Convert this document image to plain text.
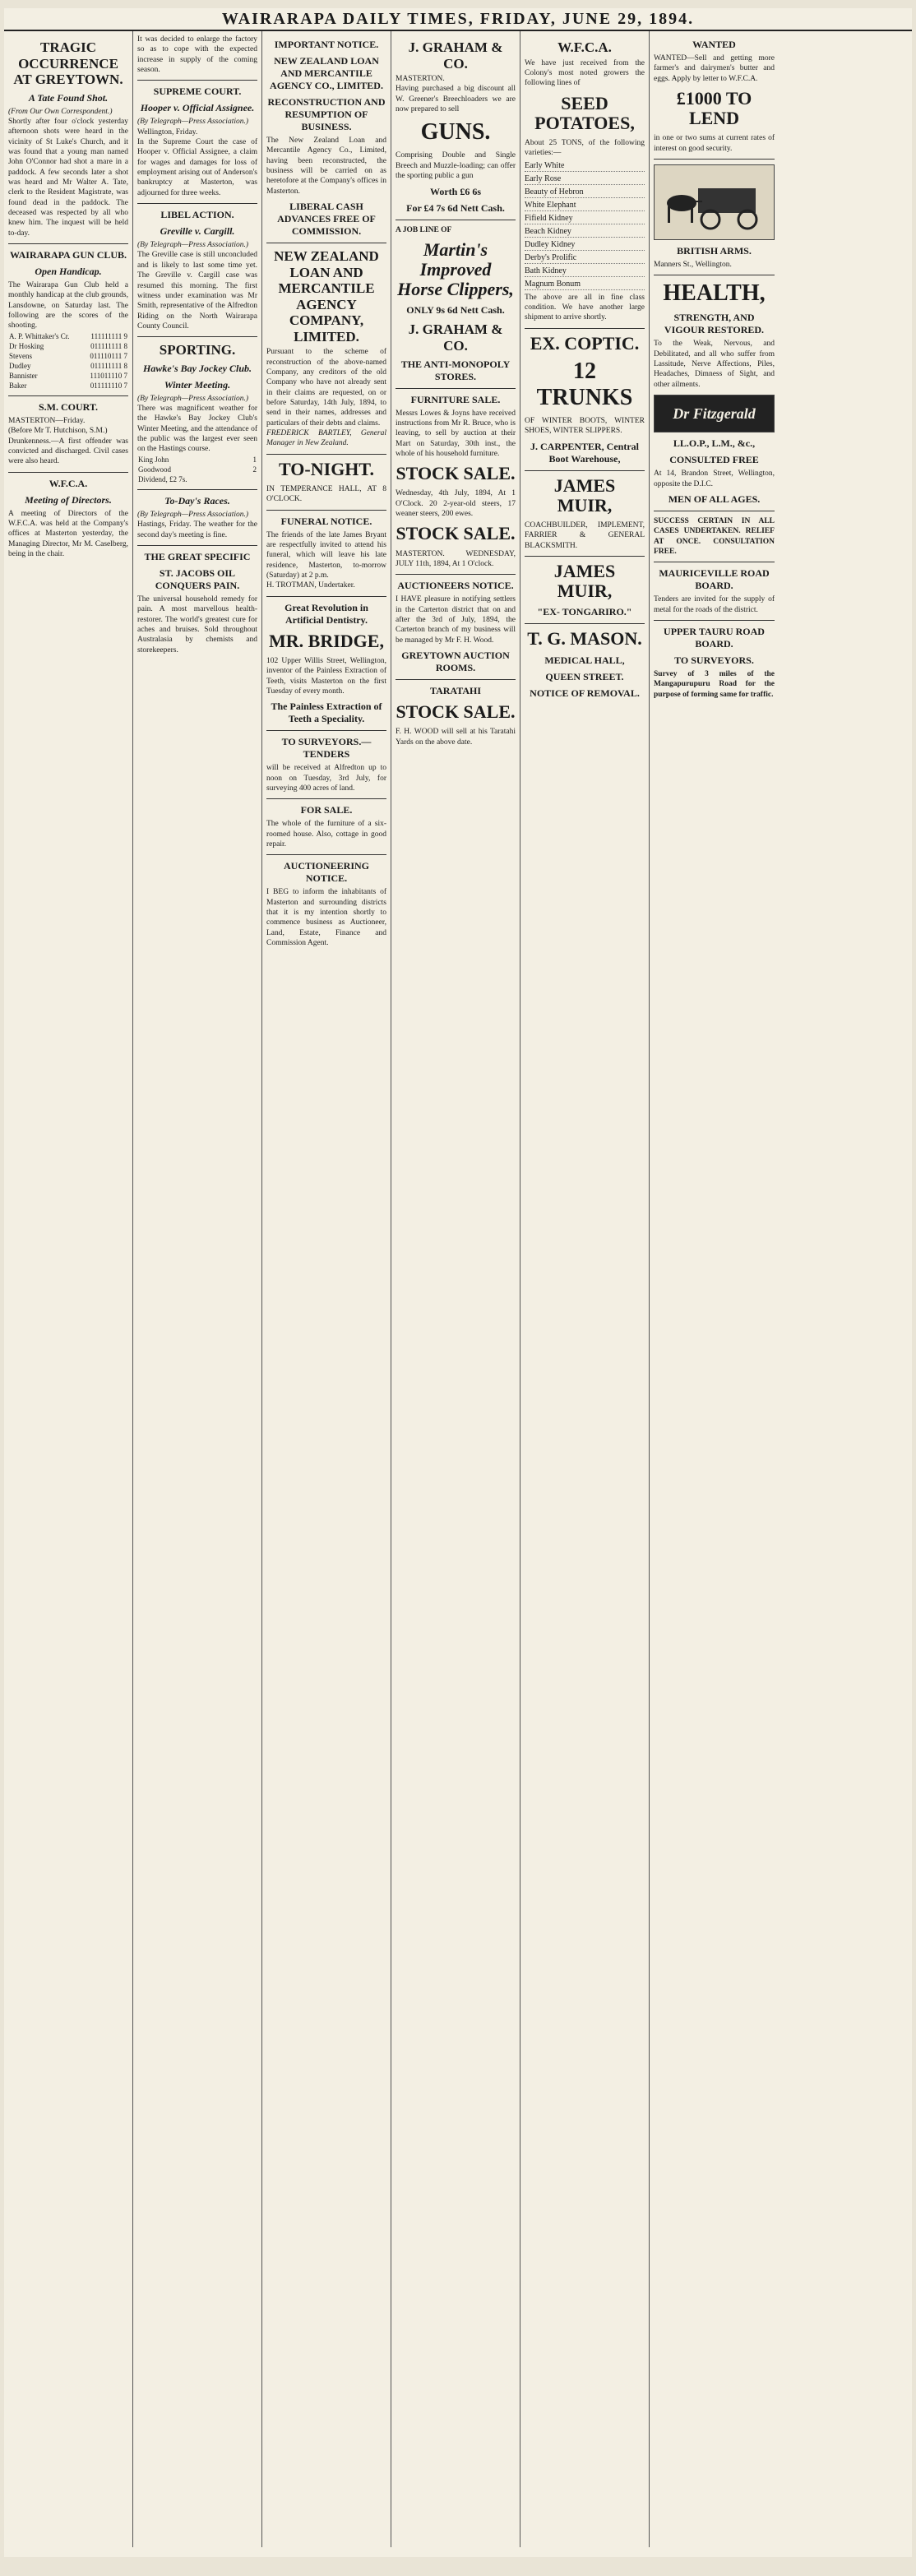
WAIRARAPA DAILY TIMES, FRIDAY, JUNE 29, 1894.
TRAGIC OCCURRENCE AT GREYTOWN.
A Tate Found Shot.
(From Our Own Correspondent.)
Shortly after four o'clock yesterday afternoon shots were heard in the vicinity of St Luke's Church, and it was found that a young man named John O'Connor had shot a mare in a paddock. A few seconds later a shot was heard and Mr Walter A. Tate, clerk to the Resident Magistrate, was found dead in the paddock. The deceased was respected by all who knew him. The inquest will be held to-day.
WAIRARAPA GUN CLUB.
Open Handicap.
The Wairarapa Gun Club held a monthly handicap at the club grounds, Lansdowne, on Saturday last. The following are the scores of the shooting.
A. P. Whittaker's Cr.	111111111 9
Dr Hosking	011111111 8
Stevens	011110111 7
Dudley	011111111 8
Bannister	111011110 7
Baker	011111110 7
S.M. COURT.
MASTERTON—Friday.
(Before Mr T. Hutchison, S.M.)
Drunkenness.—A first offender was convicted and discharged. Civil cases were also heard.
W.F.C.A.
Meeting of Directors.
A meeting of Directors of the W.F.C.A. was held at the Company's offices at Masterton yesterday, the Managing Director, Mr M. Caselberg, being in the chair.
It was decided to enlarge the factory so as to cope with the expected increase in supply of the coming season.
SUPREME COURT.
Hooper v. Official Assignee.
(By Telegraph—Press Association.)
Wellington, Friday.
In the Supreme Court the case of Hooper v. Official Assignee, a claim for wages and damages for loss of employment arising out of Anderson's bankruptcy at Masterton, was adjourned for three weeks.
LIBEL ACTION.
Greville v. Cargill.
(By Telegraph—Press Association.)
The Greville case is still unconcluded and is likely to last some time yet. The Greville v. Cargill case was resumed this morning. The first witness under examination was Mr Smith, representative of the Alfredton Riding on the North Wairarapa County Council.
SPORTING.
Hawke's Bay Jockey Club.
Winter Meeting.
(By Telegraph—Press Association.)
There was magnificent weather for the Hawke's Bay Jockey Club's Winter Meeting, and the attendance of the public was the largest ever seen on the Hastings course.
King John	1
Goodwood	2
Dividend, £2 7s.	
To-Day's Races.
(By Telegraph—Press Association.)
Hastings, Friday. The weather for the second day's meeting is fine.
THE GREAT SPECIFIC
ST. JACOBS OIL CONQUERS PAIN.
The universal household remedy for pain. A most marvellous health-restorer. The world's greatest cure for aches and bruises. Sold throughout Australasia by chemists and storekeepers.
IMPORTANT NOTICE.
NEW ZEALAND LOAN AND MERCANTILE AGENCY CO., LIMITED.
RECONSTRUCTION AND RESUMPTION OF BUSINESS.
The New Zealand Loan and Mercantile Agency Co., Limited, having been reconstructed, the business will be carried on as heretofore at the Company's offices in Masterton.
LIBERAL CASH ADVANCES FREE OF COMMISSION.
NEW ZEALAND LOAN AND MERCANTILE AGENCY COMPANY, LIMITED.
Pursuant to the scheme of reconstruction of the above-named Company, any creditors of the old Company who have not already sent in their claims are requested, on or before Saturday, 14th July, 1894, to send in their names, addresses and particulars of their debts and claims.
FREDERICK BARTLEY, General Manager in New Zealand.
TO-NIGHT.
IN TEMPERANCE HALL, AT 8 O'CLOCK.
FUNERAL NOTICE.
The friends of the late James Bryant are respectfully invited to attend his funeral, which will leave his late residence, Masterton, to-morrow (Saturday) at 2 p.m.
H. TROTMAN, Undertaker.
Great Revolution in Artificial Dentistry.
MR. BRIDGE,
102 Upper Willis Street, Wellington, inventor of the Painless Extraction of Teeth, visits Masterton on the first Tuesday of every month.
The Painless Extraction of Teeth a Speciality.
TO SURVEYORS.—TENDERS
will be received at Alfredton up to noon on Tuesday, 3rd July, for surveying 400 acres of land.
FOR SALE.
The whole of the furniture of a six-roomed house. Also, cottage in good repair.
AUCTIONEERING NOTICE.
I BEG to inform the inhabitants of Masterton and surrounding districts that it is my intention shortly to commence business as Auctioneer, Land, Estate, Finance and Commission Agent.
J. GRAHAM & CO.
MASTERTON.
Having purchased a big discount all W. Greener's Breechloaders we are now prepared to sell
GUNS.
Comprising Double and Single Breech and Muzzle-loading; can offer the sporting public a gun
Worth £6 6s
For £4 7s 6d Nett Cash.
A JOB LINE OF
Martin's Improved Horse Clippers,
ONLY 9s 6d Nett Cash.
J. GRAHAM & CO.
THE ANTI-MONOPOLY STORES.
FURNITURE SALE.
Messrs Lowes & Joyns have received instructions from Mr R. Bruce, who is leaving, to sell by auction at their Mart on Saturday, 30th inst., the whole of his household furniture.
STOCK SALE.
Wednesday, 4th July, 1894, At 1 O'Clock. 20 2-year-old steers, 17 weaner steers, 200 ewes.
STOCK SALE.
MASTERTON. WEDNESDAY, JULY 11th, 1894, At 1 O'clock.
AUCTIONEERS NOTICE.
I HAVE pleasure in notifying settlers in the Carterton district that on and after the 3rd of July, 1894, the Carterton branch of my business will be managed by Mr F. H. Wood.
GREYTOWN AUCTION ROOMS.
TARATAHI
STOCK SALE.
F. H. WOOD will sell at his Taratahi Yards on the above date.
W.F.C.A.
We have just received from the Colony's most noted growers the following lines of
SEED POTATOES,
About 25 TONS, of the following varieties:—
Early White
Early Rose
Beauty of Hebron
White Elephant
Fifield Kidney
Beach Kidney
Dudley Kidney
Derby's Prolific
Bath Kidney
Magnum Bonum
The above are all in fine class condition. We have another large shipment to arrive shortly.
EX. COPTIC.
12 TRUNKS
OF WINTER BOOTS, WINTER SHOES, WINTER SLIPPERS.
J. CARPENTER, Central Boot Warehouse,
JAMES MUIR,
COACHBUILDER, IMPLEMENT, FARRIER & GENERAL BLACKSMITH.
JAMES MUIR,
"EX- TONGARIRO."
T. G. MASON.
MEDICAL HALL,
QUEEN STREET.
NOTICE OF REMOVAL.
WANTED
WANTED—Sell and getting more farmer's and dairymen's butter and eggs. Apply by letter to W.F.C.A.
£1000 TO LEND
in one or two sums at current rates of interest on good security.
BRITISH ARMS.
Manners St., Wellington.
HEALTH,
STRENGTH, AND VIGOUR RESTORED.
To the Weak, Nervous, and Debilitated, and all who suffer from Lassitude, Nerve Affections, Piles, Headaches, Dimness of Sight, and other ailments.
Dr Fitzgerald
LL.O.P., L.M., &c.,
CONSULTED FREE
At 14, Brandon Street, Wellington, opposite the D.I.C.
MEN OF ALL AGES.
SUCCESS CERTAIN IN ALL CASES UNDERTAKEN. RELIEF AT ONCE. CONSULTATION FREE.
MAURICEVILLE ROAD BOARD.
Tenders are invited for the supply of metal for the roads of the district.
UPPER TAURU ROAD BOARD.
TO SURVEYORS.
Survey of 3 miles of the Mangapurupuru Road for the purpose of forming same for traffic.
